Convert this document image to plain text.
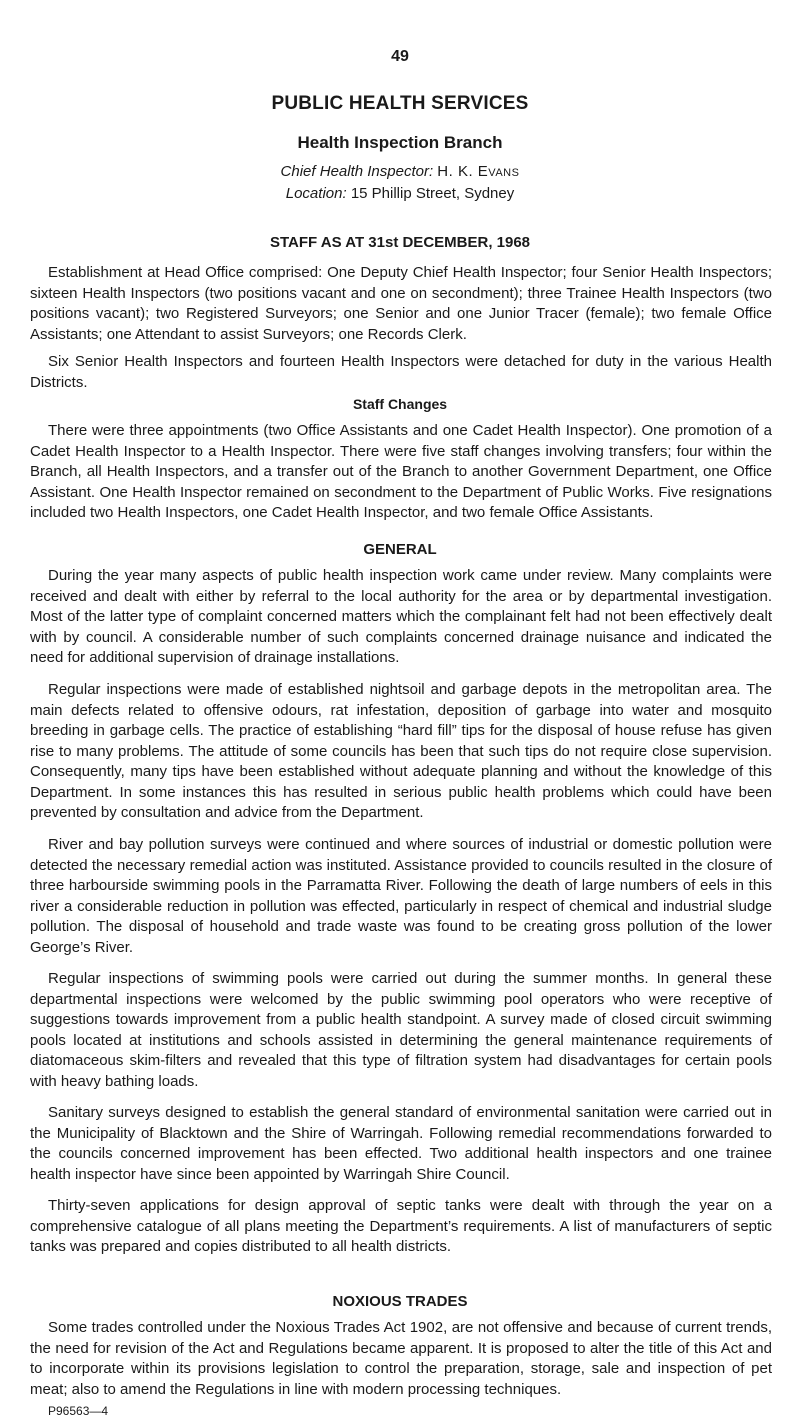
49
PUBLIC HEALTH SERVICES
Health Inspection Branch
Chief Health Inspector: H. K. Evans
Location: 15 Phillip Street, Sydney
STAFF AS AT 31st DECEMBER, 1968

Establishment at Head Office comprised: One Deputy Chief Health Inspector; four Senior Health Inspectors; sixteen Health Inspectors (two positions vacant and one on secondment); three Trainee Health Inspectors (two positions vacant); two Registered Surveyors; one Senior and one Junior Tracer (female); two female Office Assistants; one Attendant to assist Surveyors; one Records Clerk.

Six Senior Health Inspectors and fourteen Health Inspectors were detached for duty in the various Health Districts.

Staff Changes

There were three appointments (two Office Assistants and one Cadet Health Inspector). One promotion of a Cadet Health Inspector to a Health Inspector. There were five staff changes involving transfers; four within the Branch, all Health Inspectors, and a transfer out of the Branch to another Government Department, one Office Assistant. One Health Inspector remained on secondment to the Department of Public Works. Five resignations included two Health Inspectors, one Cadet Health Inspector, and two female Office Assistants.

GENERAL

During the year many aspects of public health inspection work came under review. Many complaints were received and dealt with either by referral to the local authority for the area or by departmental investigation. Most of the latter type of complaint concerned matters which the complainant felt had not been effectively dealt with by council. A considerable number of such complaints concerned drainage nuisance and indicated the need for additional supervision of drainage installations.

Regular inspections were made of established nightsoil and garbage depots in the metropolitan area. The main defects related to offensive odours, rat infestation, deposition of garbage into water and mosquito breeding in garbage cells. The practice of establishing “hard fill” tips for the disposal of house refuse has given rise to many problems. The attitude of some councils has been that such tips do not require close supervision. Consequently, many tips have been established without adequate planning and without the knowledge of this Department. In some instances this has resulted in serious public health problems which could have been prevented by consultation and advice from the Department.

River and bay pollution surveys were continued and where sources of industrial or domestic pollution were detected the necessary remedial action was instituted. Assistance provided to councils resulted in the closure of three harbourside swimming pools in the Parramatta River. Following the death of large numbers of eels in this river a considerable reduction in pollution was effected, particularly in respect of chemical and industrial sludge pollution. The disposal of household and trade waste was found to be creating gross pollution of the lower George’s River.

Regular inspections of swimming pools were carried out during the summer months. In general these departmental inspections were welcomed by the public swimming pool operators who were receptive of suggestions towards improvement from a public health standpoint. A survey made of closed circuit swimming pools located at institutions and schools assisted in determining the general maintenance requirements of diatomaceous skim-filters and revealed that this type of filtration system had disadvantages for certain pools with heavy bathing loads.

Sanitary surveys designed to establish the general standard of environmental sanitation were carried out in the Municipality of Blacktown and the Shire of Warringah. Following remedial recommendations forwarded to the councils concerned improvement has been effected. Two additional health inspectors and one trainee health inspector have since been appointed by Warringah Shire Council.

Thirty-seven applications for design approval of septic tanks were dealt with through the year on a comprehensive catalogue of all plans meeting the Department’s requirements. A list of manufacturers of septic tanks was prepared and copies distributed to all health districts.

NOXIOUS TRADES

Some trades controlled under the Noxious Trades Act 1902, are not offensive and because of current trends, the need for revision of the Act and Regulations became apparent. It is proposed to alter the title of this Act and to incorporate within its provisions legislation to control the preparation, storage, sale and inspection of pet meat; also to amend the Regulations in line with modern processing techniques.

P96563—4
